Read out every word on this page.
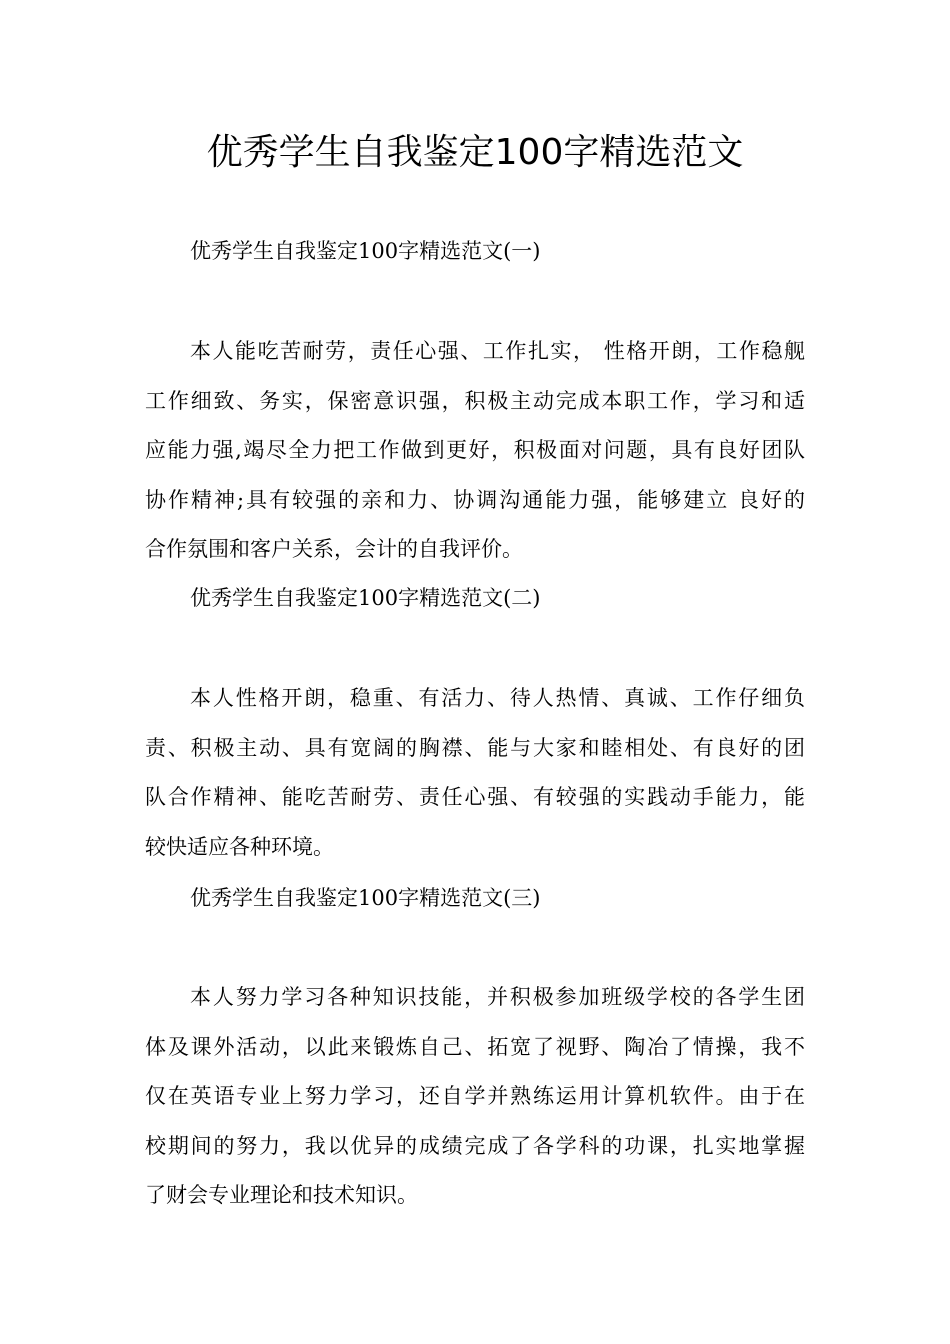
优秀学生自我鉴定100字精选范文
优秀学生自我鉴定100字精选范文(一)
本人能吃苦耐劳，责任心强、工作扎实， 性格开朗，工作稳舰
工作细致、务实，保密意识强，积极主动完成本职工作，学习和适
应能力强,竭尽全力把工作做到更好，积极面对问题，具有良好团队
协作精神;具有较强的亲和力、协调沟通能力强，能够建立 良好的
合作氛围和客户关系，会计的自我评价。
优秀学生自我鉴定100字精选范文(二)
本人性格开朗，稳重、有活力、待人热情、真诚、工作仔细负
责、积极主动、具有宽阔的胸襟、能与大家和睦相处、有良好的团
队合作精神、能吃苦耐劳、责任心强、有较强的实践动手能力，能
较快适应各种环境。
优秀学生自我鉴定100字精选范文(三)
本人努力学习各种知识技能，并积极参加班级学校的各学生团
体及课外活动，以此来锻炼自己、拓宽了视野、陶冶了情操，我不
仅在英语专业上努力学习，还自学并熟练运用计算机软件。由于在
校期间的努力，我以优异的成绩完成了各学科的功课，扎实地掌握
了财会专业理论和技术知识。
